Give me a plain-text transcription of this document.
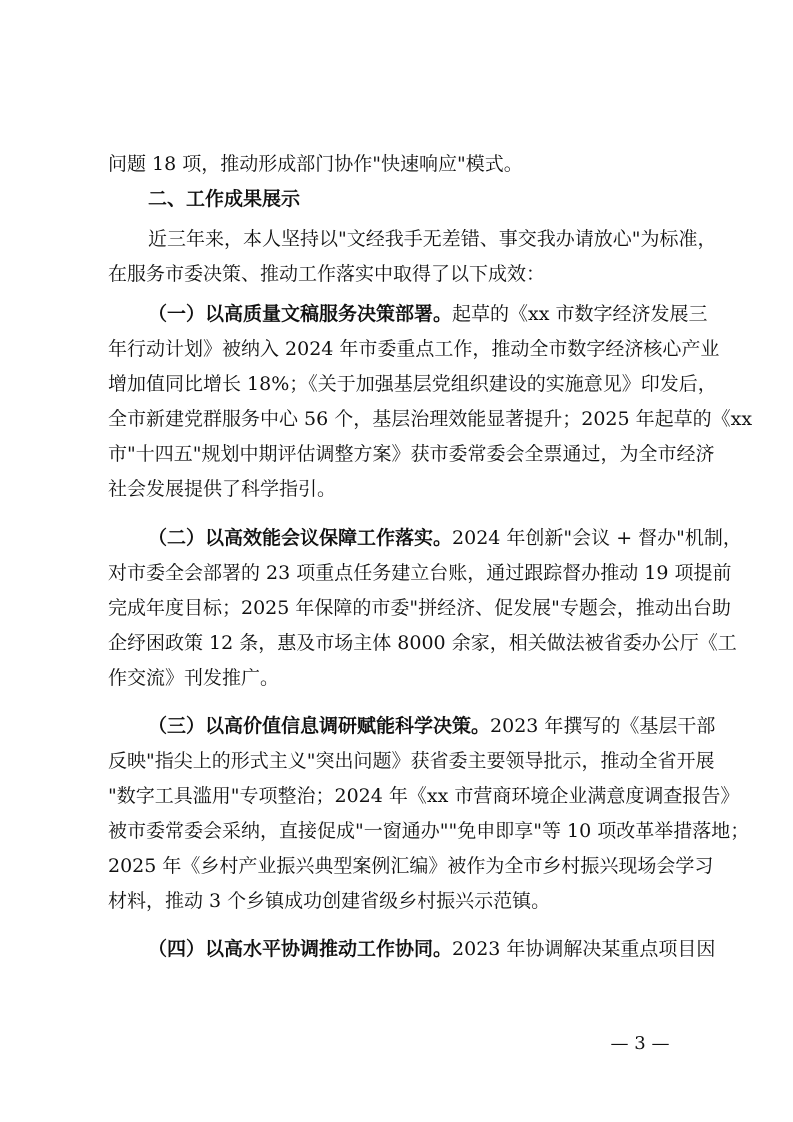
问题 18 项，推动形成部门协作"快速响应"模式。
二、工作成果展示
近三年来，本人坚持以"文经我手无差错、事交我办请放心"为标准，
在服务市委决策、推动工作落实中取得了以下成效：
（一）以高质量文稿服务决策部署。起草的《xx 市数字经济发展三
年行动计划》被纳入 2024 年市委重点工作，推动全市数字经济核心产业
增加值同比增长 18%；《关于加强基层党组织建设的实施意见》印发后，
全市新建党群服务中心 56 个，基层治理效能显著提升；2025 年起草的《xx
市"十四五"规划中期评估调整方案》获市委常委会全票通过，为全市经济
社会发展提供了科学指引。
（二）以高效能会议保障工作落实。2024 年创新"会议 + 督办"机制，
对市委全会部署的 23 项重点任务建立台账，通过跟踪督办推动 19 项提前
完成年度目标；2025 年保障的市委"拼经济、促发展"专题会，推动出台助
企纾困政策 12 条，惠及市场主体 8000 余家，相关做法被省委办公厅《工
作交流》刊发推广。
（三）以高价值信息调研赋能科学决策。2023 年撰写的《基层干部
反映"指尖上的形式主义"突出问题》获省委主要领导批示，推动全省开展
"数字工具滥用"专项整治；2024 年《xx 市营商环境企业满意度调查报告》
被市委常委会采纳，直接促成"一窗通办""免申即享"等 10 项改革举措落地；
2025 年《乡村产业振兴典型案例汇编》被作为全市乡村振兴现场会学习
材料，推动 3 个乡镇成功创建省级乡村振兴示范镇。
（四）以高水平协调推动工作协同。2023 年协调解决某重点项目因
— 3 —
